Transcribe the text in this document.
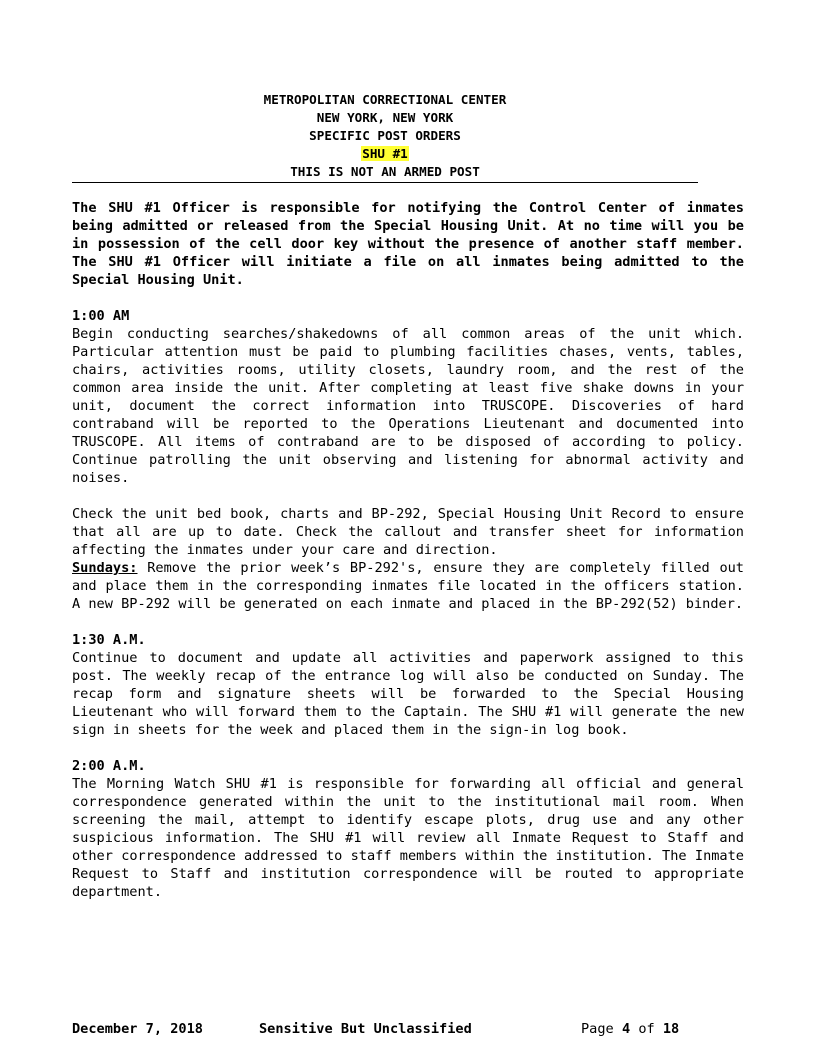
METROPOLITAN CORRECTIONAL CENTER
NEW YORK, NEW YORK
SPECIFIC POST ORDERS
SHU #1
THIS IS NOT AN ARMED POST

The SHU #1 Officer is responsible for notifying the Control Center of inmates being admitted or released from the Special Housing Unit. At no time will you be in possession of the cell door key without the presence of another staff member. The SHU #1 Officer will initiate a file on all inmates being admitted to the Special Housing Unit.

1:00 AM

Begin conducting searches/shakedowns of all common areas of the unit which. Particular attention must be paid to plumbing facilities chases, vents, tables, chairs, activities rooms, utility closets, laundry room, and the rest of the common area inside the unit. After completing at least five shake downs in your unit, document the correct information into TRUSCOPE. Discoveries of hard contraband will be reported to the Operations Lieutenant and documented into TRUSCOPE. All items of contraband are to be disposed of according to policy. Continue patrolling the unit observing and listening for abnormal activity and noises.

Check the unit bed book, charts and BP-292, Special Housing Unit Record to ensure that all are up to date. Check the callout and transfer sheet for information affecting the inmates under your care and direction.

Sundays: Remove the prior week’s BP-292's, ensure they are completely filled out and place them in the corresponding inmates file located in the officers station. A new BP-292 will be generated on each inmate and placed in the BP-292(52) binder.

1:30 A.M.

Continue to document and update all activities and paperwork assigned to this post. The weekly recap of the entrance log will also be conducted on Sunday. The recap form and signature sheets will be forwarded to the Special Housing Lieutenant who will forward them to the Captain. The SHU #1 will generate the new sign in sheets for the week and placed them in the sign-in log book.

2:00 A.M.

The Morning Watch SHU #1 is responsible for forwarding all official and general correspondence generated within the unit to the institutional mail room. When screening the mail, attempt to identify escape plots, drug use and any other suspicious information. The SHU #1 will review all Inmate Request to Staff and other correspondence addressed to staff members within the institution. The Inmate Request to Staff and institution correspondence will be routed to appropriate department.

December 7, 2018	Sensitive But Unclassified	Page 4 of 18
